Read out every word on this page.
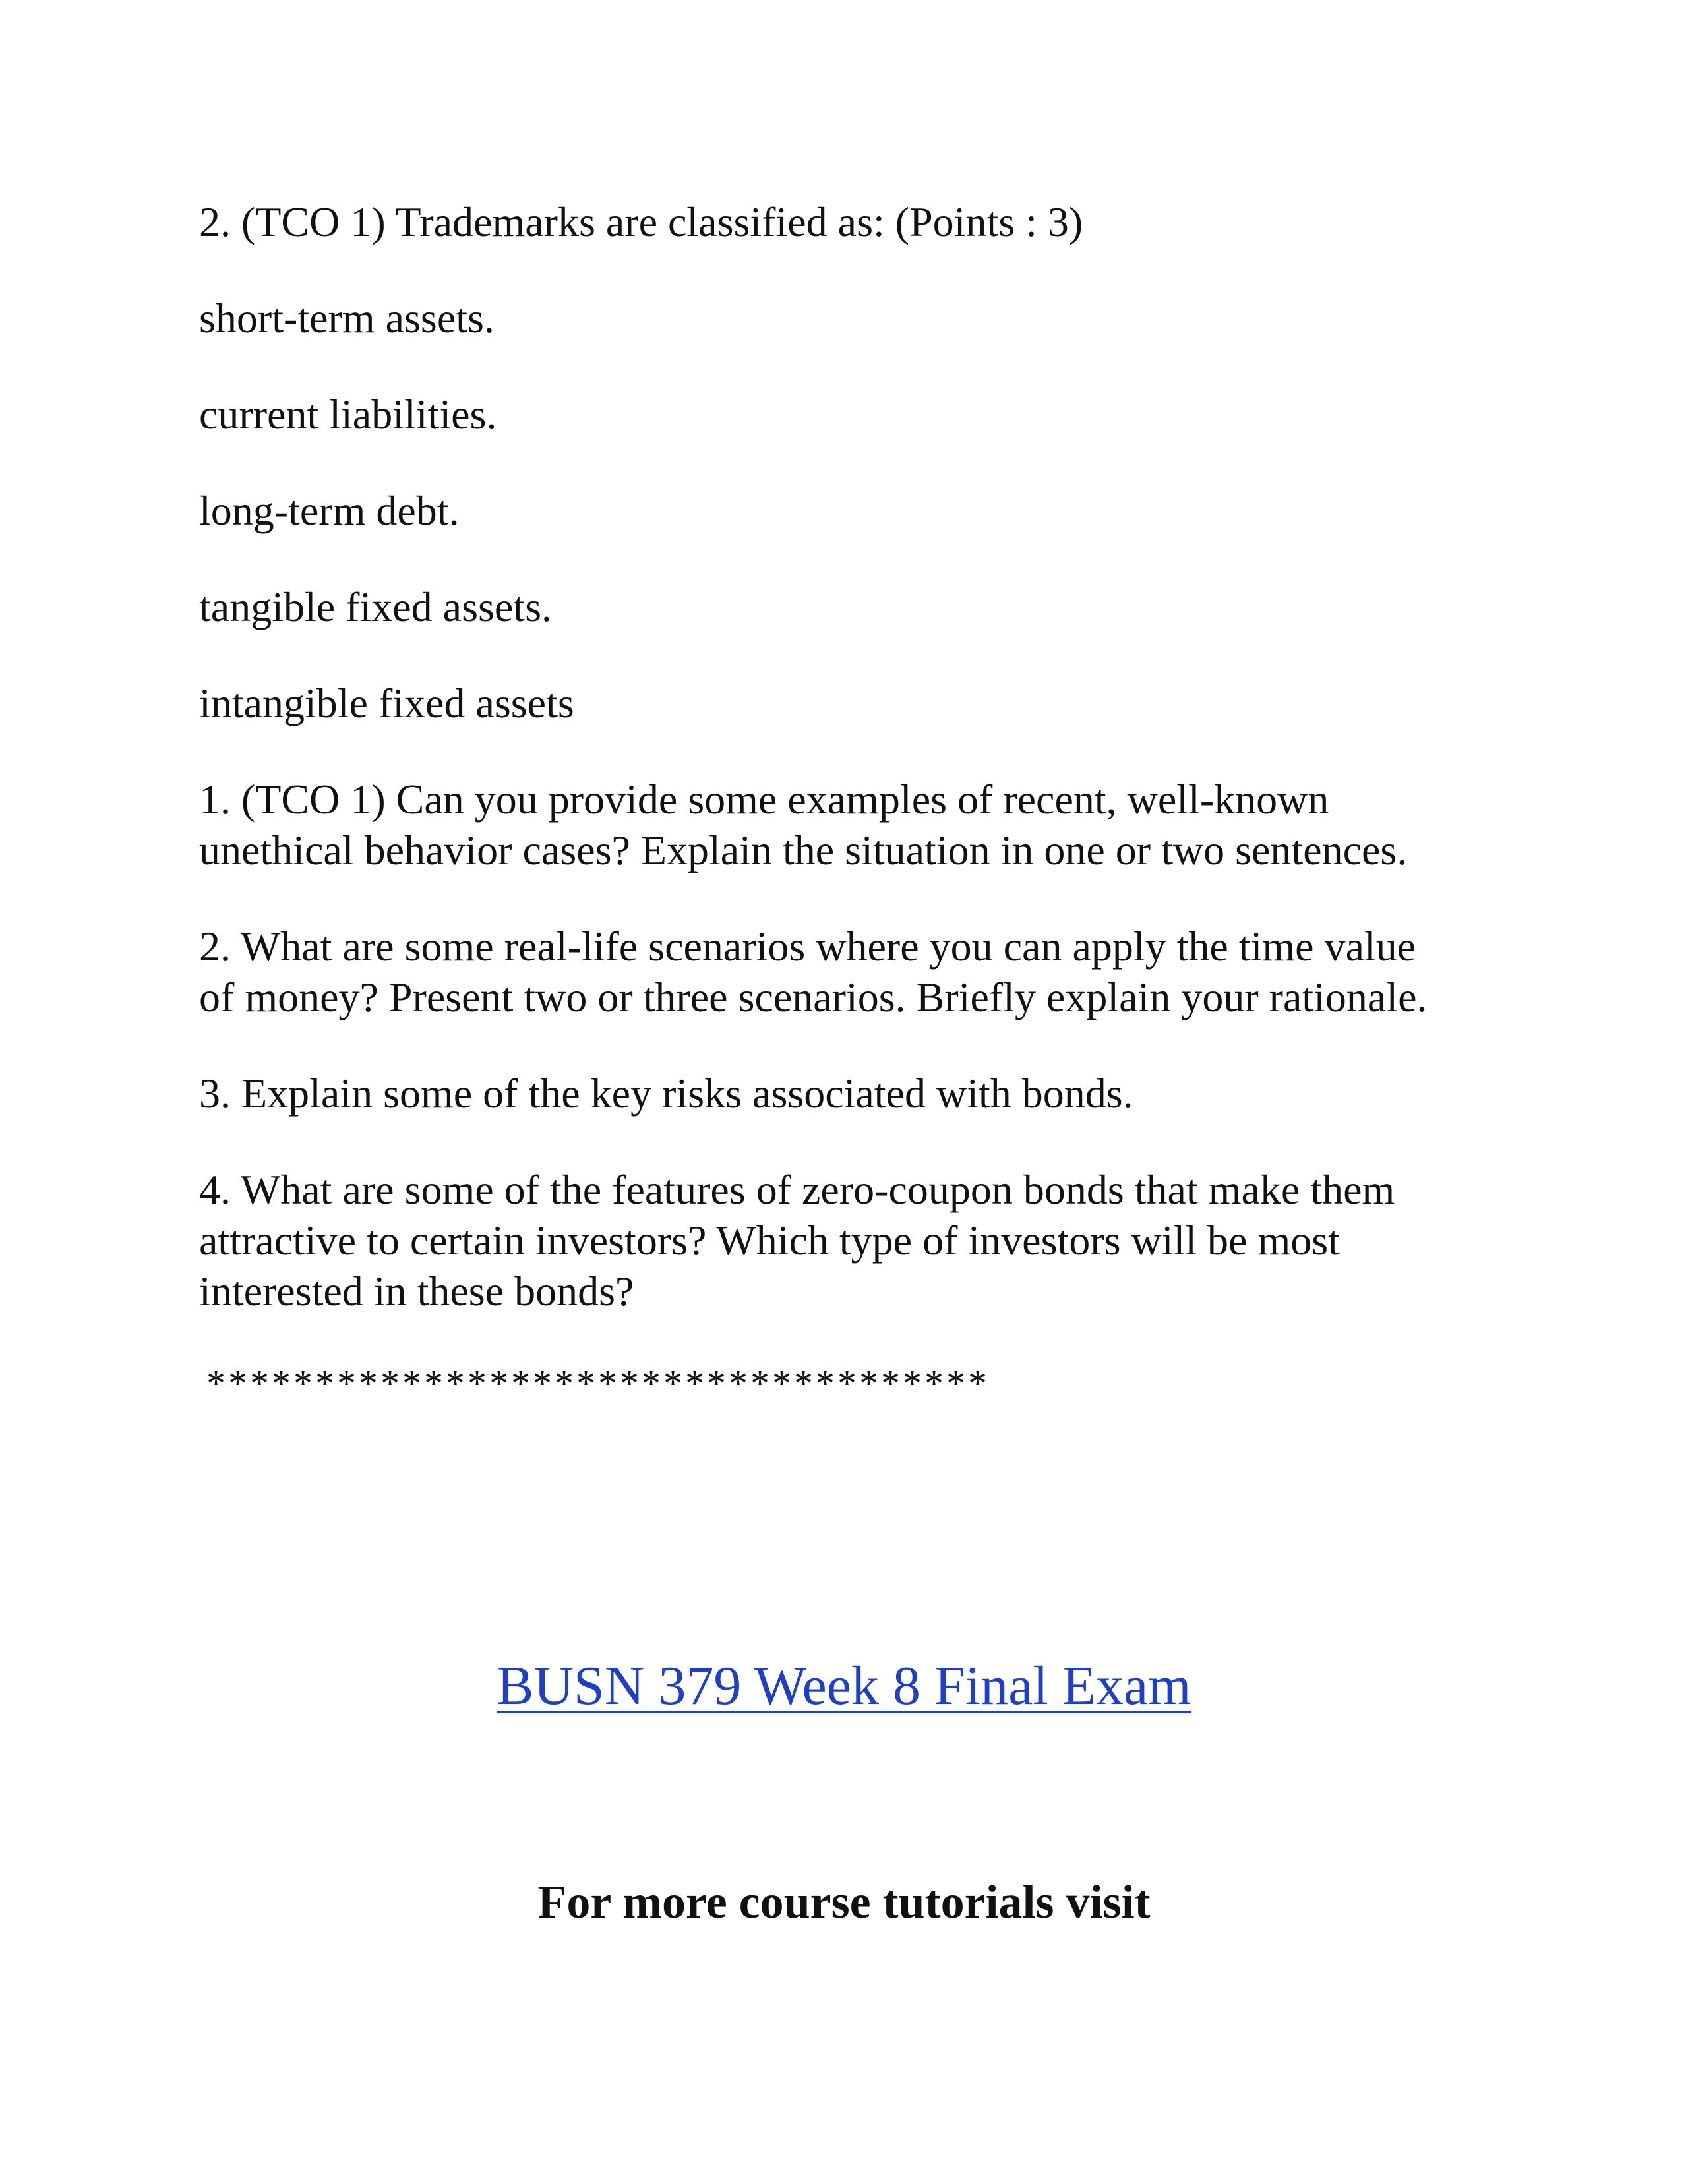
2. (TCO 1) Trademarks are classified as: (Points : 3)

short-term assets.

current liabilities.

long-term debt.

tangible fixed assets.

intangible fixed assets

1. (TCO 1) Can you provide some examples of recent, well-known
unethical behavior cases? Explain the situation in one or two sentences.

2. What are some real-life scenarios where you can apply the time value
of money? Present two or three scenarios. Briefly explain your rationale.

3. Explain some of the key risks associated with bonds.

4. What are some of the features of zero-coupon bonds that make them
attractive to certain investors? Which type of investors will be most
interested in these bonds?

************************************
BUSN 379 Week 8 Final Exam
For more course tutorials visit
